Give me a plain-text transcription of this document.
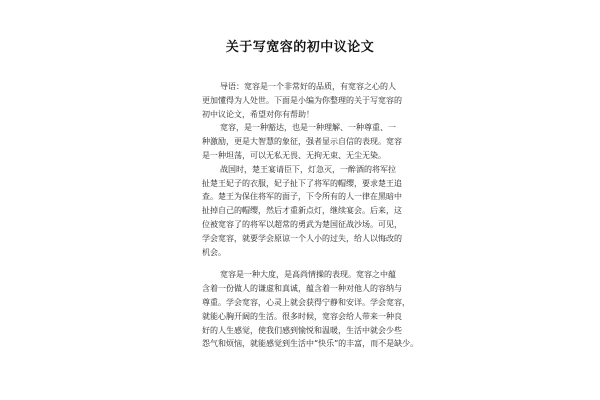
关于写宽容的初中议论文
导语：宽容是一个非常好的品质，有宽容之心的人
更加懂得为人处世。下面是小编为你整理的关于写宽容的
初中议论文，希望对你有帮助！
宽容，是一种豁达，也是一种理解、一种尊重、一
种激励，更是大智慧的象征，强者显示自信的表现。宽容
是一种坦荡，可以无私无畏、无拘无束、无尘无染。
战国时，楚王宴请臣下，灯急灭，一醉酒的将军拉
扯楚王妃子的衣服，妃子扯下了将军的帽缨，要求楚王追
查。楚王为保住将军的面子，下令所有的人一律在黑暗中
扯掉自己的帽缨，然后才重新点灯，继续宴会。后来，这
位被宽容了的将军以超常的勇武为楚国征战沙场。可见，
学会宽容，就要学会原谅一个人小的过失，给人以悔改的
机会。
宽容是一种大度，是高尚情操的表现。宽容之中蕴
含着一份做人的谦虚和真诚，蕴含着一种对他人的容纳与
尊重。学会宽容，心灵上就会获得宁静和安详。学会宽容，
就能心胸开阔的生活。很多时候，宽容会给人带来一种良
好的人生感觉，使我们感到愉悦和温暖，生活中就会少些
怨气和烦恼，就能感觉到生活中“快乐”的丰富，而不是缺少。
